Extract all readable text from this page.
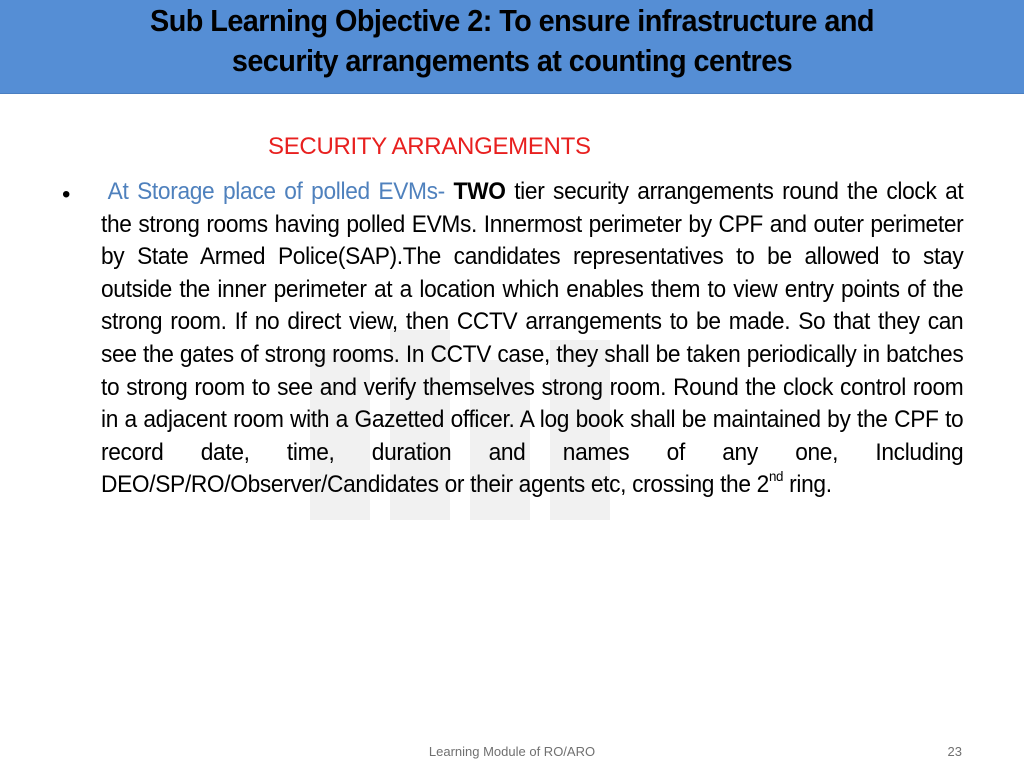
Sub Learning Objective 2: To ensure infrastructure and
security arrangements at counting centres
SECURITY ARRANGEMENTS
• At Storage place of polled EVMs- TWO tier security arrangements round the clock at the strong rooms having polled EVMs. Innermost perimeter by CPF and outer perimeter by State Armed Police(SAP).The candidates representatives to be allowed to stay outside the inner perimeter at a location which enables them to view entry points of the strong room. If no direct view, then CCTV arrangements to be made. So that they can see the gates of strong rooms. In CCTV case, they shall be taken periodically in batches to strong room to see and verify themselves strong room. Round the clock control room in a adjacent room with a Gazetted officer. A log book shall be maintained by the CPF to record date, time, duration and names of any one, Including DEO/SP/RO/Observer/Candidates or their agents etc, crossing the 2nd ring.
Learning Module of RO/ARO	23
